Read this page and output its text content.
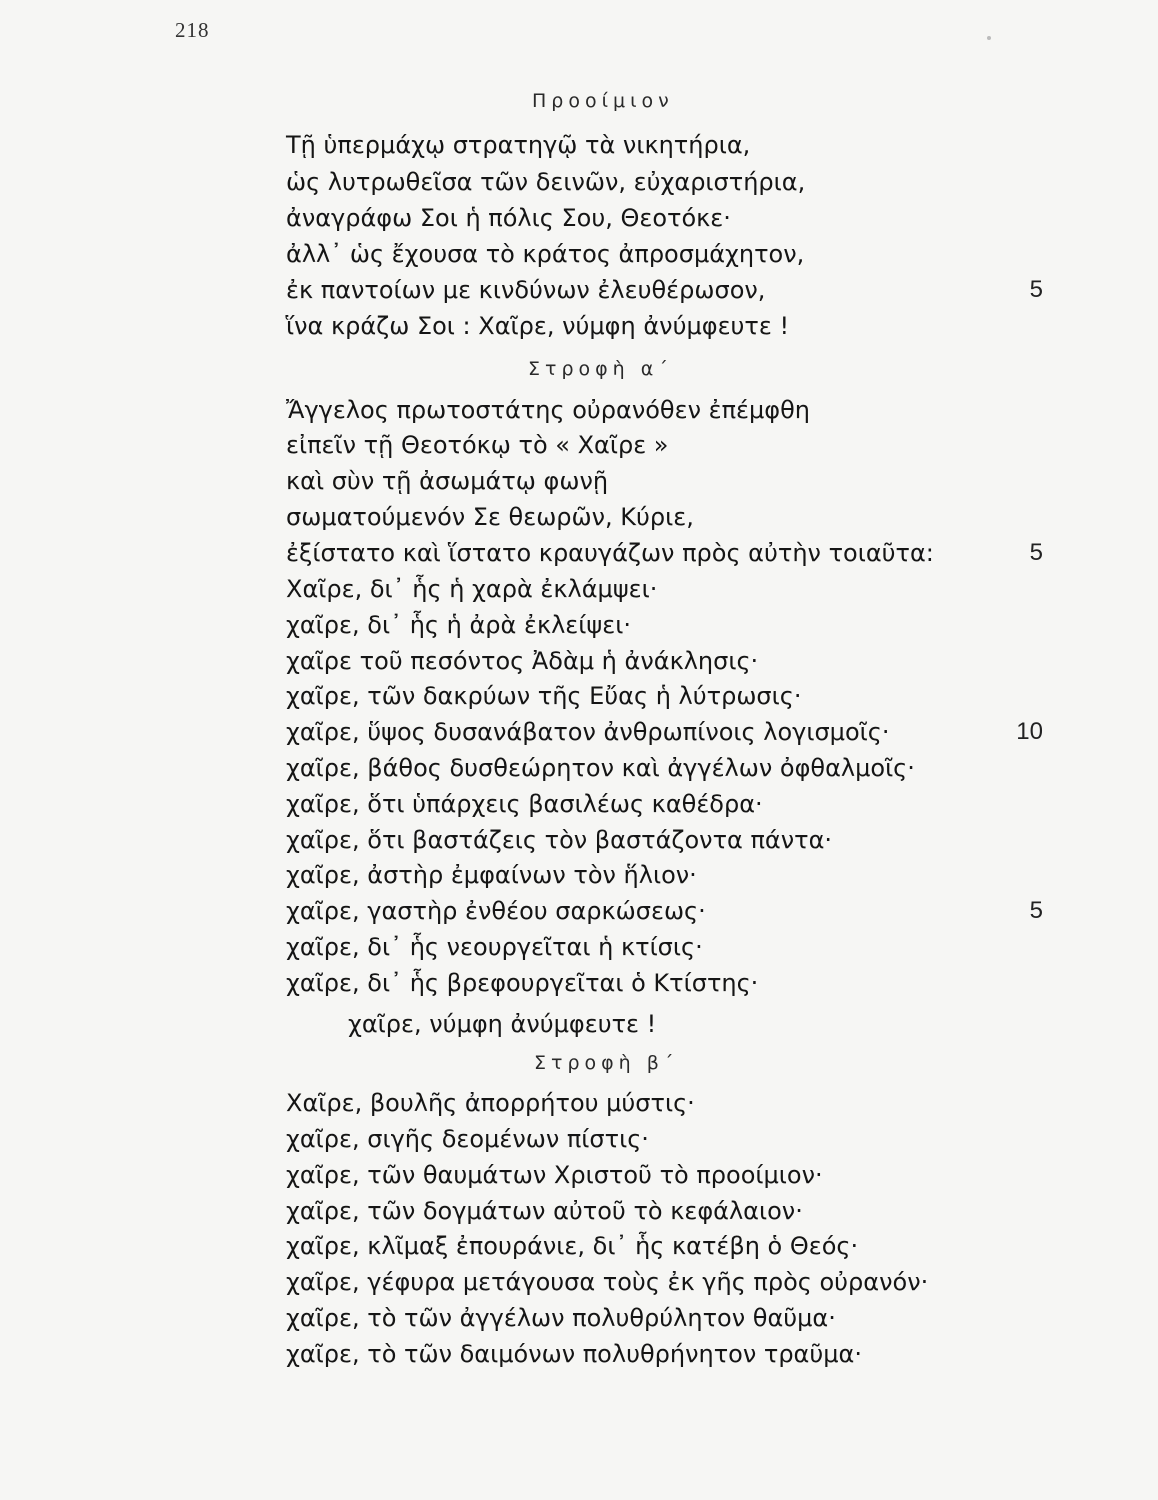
218
Προοίμιον
Τῇ ὑπερμάχῳ στρατηγῷ τὰ νικητήρια,
ὡς λυτρωθεῖσα τῶν δεινῶν, εὐχαριστήρια,
ἀναγράφω Σοι ἡ πόλις Σου, Θεοτόκε·
ἀλλ᾽ ὡς ἔχουσα τὸ κράτος ἀπροσμάχητον,
ἐκ παντοίων με κινδύνων ἐλευθέρωσον,	5
ἵνα κράζω Σοι : Χαῖρε, νύμφη ἀνύμφευτε !
Στροφὴ α΄
Ἄγγελος πρωτοστάτης οὐρανόθεν ἐπέμφθη
εἰπεῖν τῇ Θεοτόκῳ τὸ « Χαῖρε »
καὶ σὺν τῇ ἀσωμάτῳ φωνῇ
σωματούμενόν Σε θεωρῶν, Κύριε,
ἐξίστατο καὶ ἵστατο κραυγάζων πρὸς αὐτὴν τοιαῦτα:	5
Χαῖρε, δι᾽ ἧς ἡ χαρὰ ἐκλάμψει·
χαῖρε, δι᾽ ἧς ἡ ἀρὰ ἐκλείψει·
χαῖρε τοῦ πεσόντος Ἀδὰμ ἡ ἀνάκλησις·
χαῖρε, τῶν δακρύων τῆς Εὔας ἡ λύτρωσις·
χαῖρε, ὕψος δυσανάβατον ἀνθρωπίνοις λογισμοῖς·	10
χαῖρε, βάθος δυσθεώρητον καὶ ἀγγέλων ὀφθαλμοῖς·
χαῖρε, ὅτι ὑπάρχεις βασιλέως καθέδρα·
χαῖρε, ὅτι βαστάζεις τὸν βαστάζοντα πάντα·
χαῖρε, ἀστὴρ ἐμφαίνων τὸν ἥλιον·
χαῖρε, γαστὴρ ἐνθέου σαρκώσεως·	5
χαῖρε, δι᾽ ἧς νεουργεῖται ἡ κτίσις·
χαῖρε, δι᾽ ἧς βρεφουργεῖται ὁ Κτίστης·
χαῖρε, νύμφη ἀνύμφευτε !
Στροφὴ β΄
Χαῖρε, βουλῆς ἀπορρήτου μύστις·
χαῖρε, σιγῆς δεομένων πίστις·
χαῖρε, τῶν θαυμάτων Χριστοῦ τὸ προοίμιον·
χαῖρε, τῶν δογμάτων αὐτοῦ τὸ κεφάλαιον·
χαῖρε, κλῖμαξ ἐπουράνιε, δι᾽ ἧς κατέβη ὁ Θεός·
χαῖρε, γέφυρα μετάγουσα τοὺς ἐκ γῆς πρὸς οὐρανόν·
χαῖρε, τὸ τῶν ἀγγέλων πολυθρύλητον θαῦμα·
χαῖρε, τὸ τῶν δαιμόνων πολυθρήνητον τραῦμα·
